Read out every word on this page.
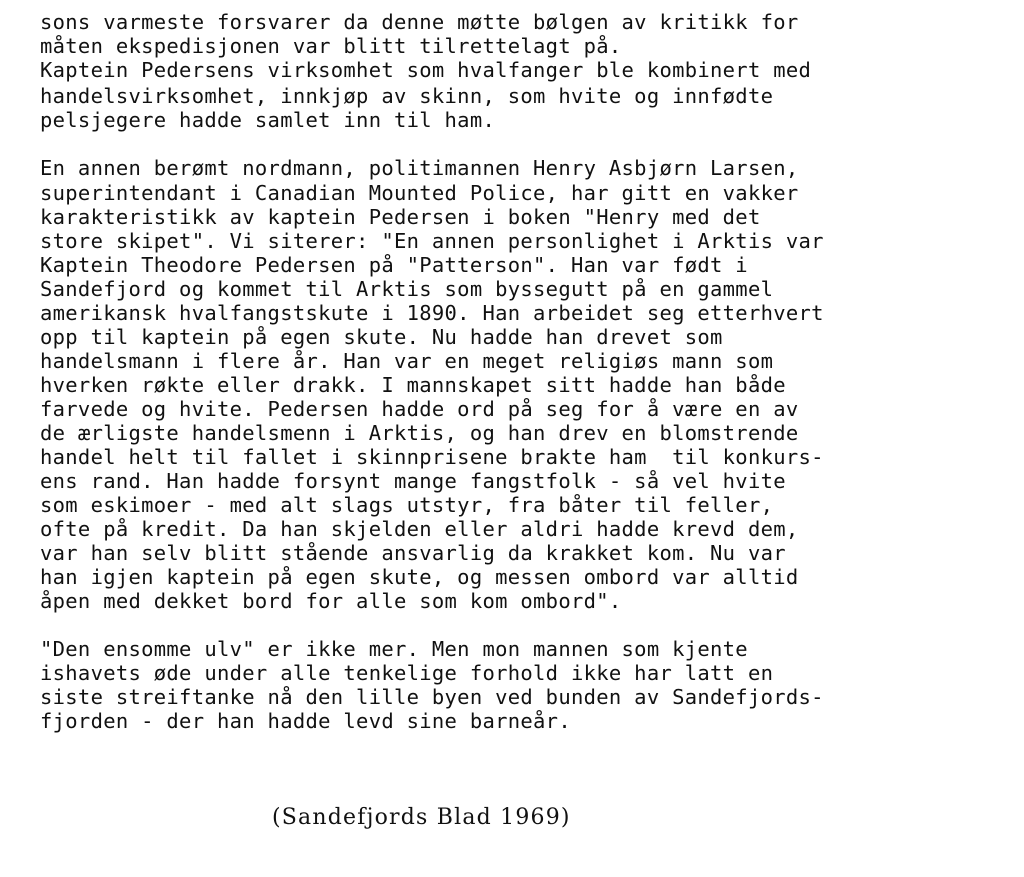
sons varmeste forsvarer da denne møtte bølgen av kritikk for

måten ekspedisjonen var blitt tilrettelagt på.

Kaptein Pedersens virksomhet som hvalfanger ble kombinert med

handelsvirksomhet, innkjøp av skinn, som hvite og innfødte

pelsjegere hadde samlet inn til ham.

En annen berømt nordmann, politimannen Henry Asbjørn Larsen,

superintendant i Canadian Mounted Police, har gitt en vakker

karakteristikk av kaptein Pedersen i boken "Henry med det

store skipet". Vi siterer: "En annen personlighet i Arktis var

Kaptein Theodore Pedersen på "Patterson". Han var født i

Sandefjord og kommet til Arktis som byssegutt på en gammel

amerikansk hvalfangstskute i 1890. Han arbeidet seg etterhvert

opp til kaptein på egen skute. Nu hadde han drevet som

handelsmann i flere år. Han var en meget religiøs mann som

hverken røkte eller drakk. I mannskapet sitt hadde han både

farvede og hvite. Pedersen hadde ord på seg for å være en av

de ærligste handelsmenn i Arktis, og han drev en blomstrende

handel helt til fallet i skinnprisene brakte ham  til konkurs-

ens rand. Han hadde forsynt mange fangstfolk - så vel hvite

som eskimoer - med alt slags utstyr, fra båter til feller,

ofte på kredit. Da han skjelden eller aldri hadde krevd dem,

var han selv blitt stående ansvarlig da krakket kom. Nu var

han igjen kaptein på egen skute, og messen ombord var alltid

åpen med dekket bord for alle som kom ombord".

"Den ensomme ulv" er ikke mer. Men mon mannen som kjente

ishavets øde under alle tenkelige forhold ikke har latt en

siste streiftanke nå den lille byen ved bunden av Sandefjords-

fjorden - der han hadde levd sine barneår.

(Sandefjords Blad 1969)
